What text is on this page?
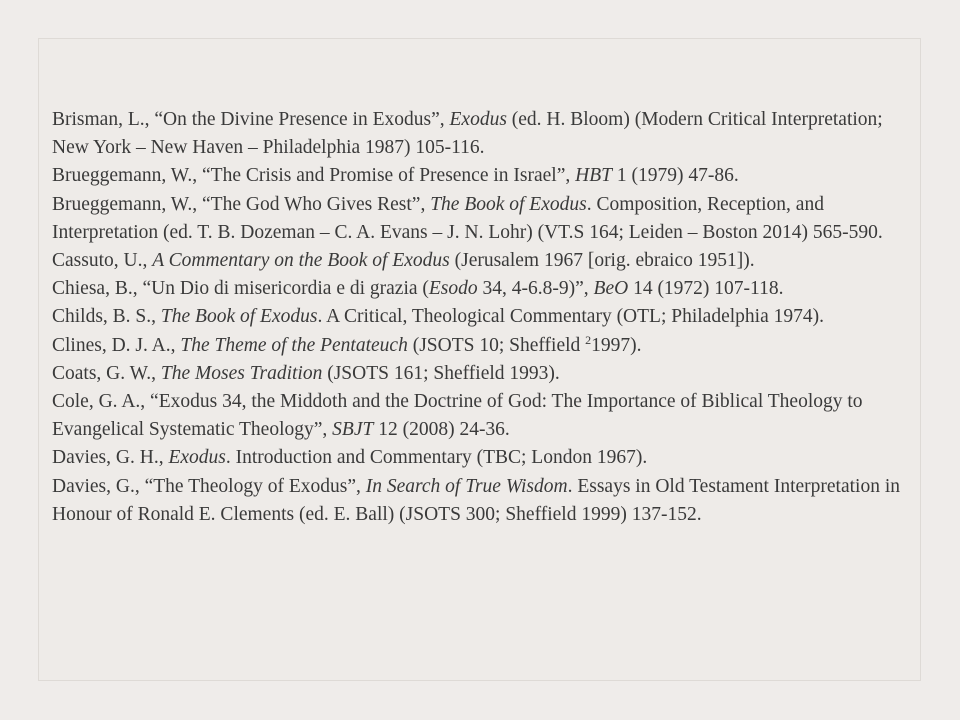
Brisman, L., “On the Divine Presence in Exodus”, Exodus (ed. H. Bloom) (Modern Critical Interpretation; New York – New Haven – Philadelphia 1987) 105-116.
Brueggemann, W., “The Crisis and Promise of Presence in Israel”, HBT 1 (1979) 47-86.
Brueggemann, W., “The God Who Gives Rest”, The Book of Exodus. Composition, Reception, and Interpretation (ed. T. B. Dozeman – C. A. Evans – J. N. Lohr) (VT.S 164; Leiden – Boston 2014) 565-590.
Cassuto, U., A Commentary on the Book of Exodus (Jerusalem 1967 [orig. ebraico 1951]).
Chiesa, B., “Un Dio di misericordia e di grazia (Esodo 34, 4-6.8-9)”, BeO 14 (1972) 107-118.
Childs, B. S., The Book of Exodus. A Critical, Theological Commentary (OTL; Philadelphia 1974).
Clines, D. J. A., The Theme of the Pentateuch (JSOTS 10; Sheffield $^2$1997).
Coats, G. W., The Moses Tradition (JSOTS 161; Sheffield 1993).
Cole, G. A., “Exodus 34, the Middoth and the Doctrine of God: The Importance of Biblical Theology to Evangelical Systematic Theology”, SBJT 12 (2008) 24-36.
Davies, G. H., Exodus. Introduction and Commentary (TBC; London 1967).
Davies, G., “The Theology of Exodus”, In Search of True Wisdom. Essays in Old Testament Interpretation in Honour of Ronald E. Clements (ed. E. Ball) (JSOTS 300; Sheffield 1999) 137-152.
